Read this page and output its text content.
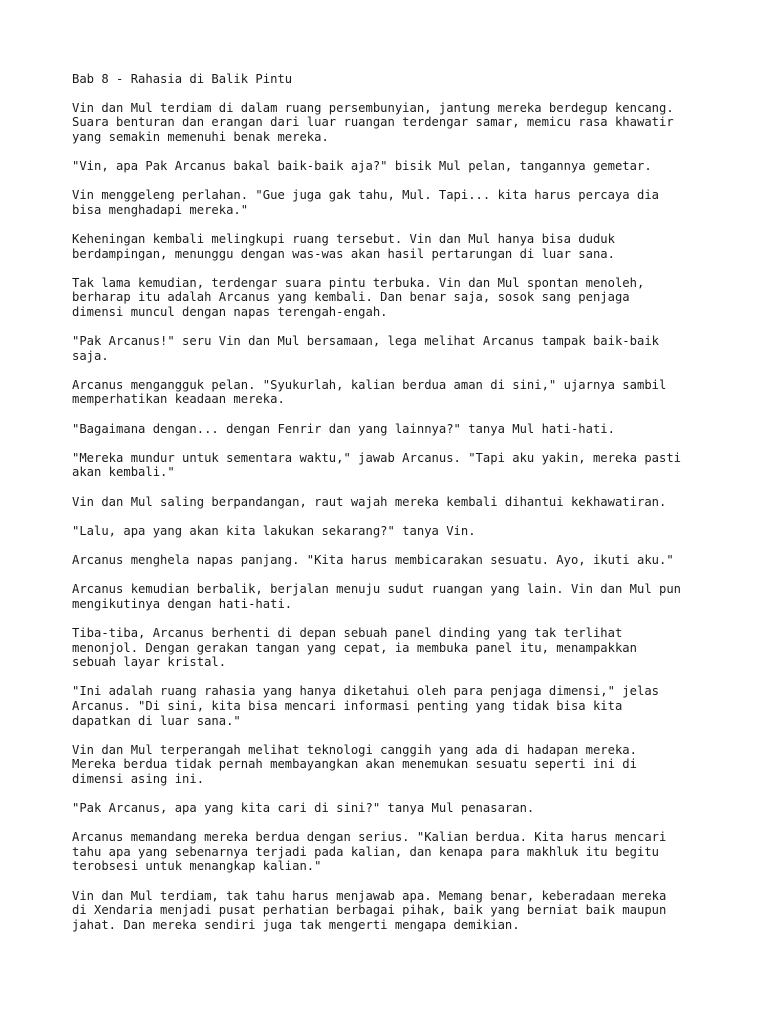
Bab 8 - Rahasia di Balik Pintu

Vin dan Mul terdiam di dalam ruang persembunyian, jantung mereka berdegup kencang.
Suara benturan dan erangan dari luar ruangan terdengar samar, memicu rasa khawatir
yang semakin memenuhi benak mereka.

"Vin, apa Pak Arcanus bakal baik-baik aja?" bisik Mul pelan, tangannya gemetar.

Vin menggeleng perlahan. "Gue juga gak tahu, Mul. Tapi... kita harus percaya dia
bisa menghadapi mereka."

Keheningan kembali melingkupi ruang tersebut. Vin dan Mul hanya bisa duduk
berdampingan, menunggu dengan was-was akan hasil pertarungan di luar sana.

Tak lama kemudian, terdengar suara pintu terbuka. Vin dan Mul spontan menoleh,
berharap itu adalah Arcanus yang kembali. Dan benar saja, sosok sang penjaga
dimensi muncul dengan napas terengah-engah.

"Pak Arcanus!" seru Vin dan Mul bersamaan, lega melihat Arcanus tampak baik-baik
saja.

Arcanus mengangguk pelan. "Syukurlah, kalian berdua aman di sini," ujarnya sambil
memperhatikan keadaan mereka.

"Bagaimana dengan... dengan Fenrir dan yang lainnya?" tanya Mul hati-hati.

"Mereka mundur untuk sementara waktu," jawab Arcanus. "Tapi aku yakin, mereka pasti
akan kembali."

Vin dan Mul saling berpandangan, raut wajah mereka kembali dihantui kekhawatiran.

"Lalu, apa yang akan kita lakukan sekarang?" tanya Vin.

Arcanus menghela napas panjang. "Kita harus membicarakan sesuatu. Ayo, ikuti aku."

Arcanus kemudian berbalik, berjalan menuju sudut ruangan yang lain. Vin dan Mul pun
mengikutinya dengan hati-hati.

Tiba-tiba, Arcanus berhenti di depan sebuah panel dinding yang tak terlihat
menonjol. Dengan gerakan tangan yang cepat, ia membuka panel itu, menampakkan
sebuah layar kristal.

"Ini adalah ruang rahasia yang hanya diketahui oleh para penjaga dimensi," jelas
Arcanus. "Di sini, kita bisa mencari informasi penting yang tidak bisa kita
dapatkan di luar sana."

Vin dan Mul terperangah melihat teknologi canggih yang ada di hadapan mereka.
Mereka berdua tidak pernah membayangkan akan menemukan sesuatu seperti ini di
dimensi asing ini.

"Pak Arcanus, apa yang kita cari di sini?" tanya Mul penasaran.

Arcanus memandang mereka berdua dengan serius. "Kalian berdua. Kita harus mencari
tahu apa yang sebenarnya terjadi pada kalian, dan kenapa para makhluk itu begitu
terobsesi untuk menangkap kalian."

Vin dan Mul terdiam, tak tahu harus menjawab apa. Memang benar, keberadaan mereka
di Xendaria menjadi pusat perhatian berbagai pihak, baik yang berniat baik maupun
jahat. Dan mereka sendiri juga tak mengerti mengapa demikian.
